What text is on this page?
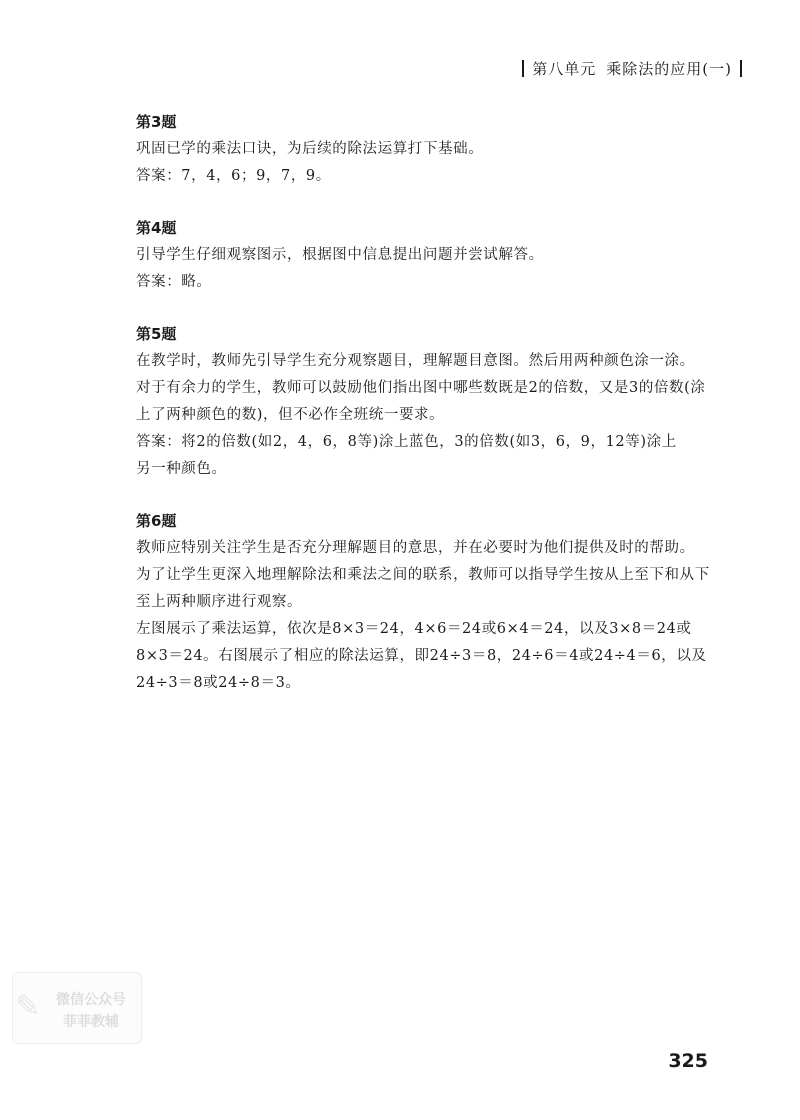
第八单元 乘除法的应用(一)
第3题
巩固已学的乘法口诀，为后续的除法运算打下基础。
答案：7，4，6；9，7，9。
第4题
引导学生仔细观察图示，根据图中信息提出问题并尝试解答。
答案：略。
第5题
在教学时，教师先引导学生充分观察题目，理解题目意图。然后用两种颜色涂一涂。
对于有余力的学生，教师可以鼓励他们指出图中哪些数既是2的倍数，又是3的倍数(涂
上了两种颜色的数)，但不必作全班统一要求。
答案：将2的倍数(如2，4，6，8等)涂上蓝色，3的倍数(如3，6，9，12等)涂上
另一种颜色。
第6题
教师应特别关注学生是否充分理解题目的意思，并在必要时为他们提供及时的帮助。
为了让学生更深入地理解除法和乘法之间的联系，教师可以指导学生按从上至下和从下
至上两种顺序进行观察。
左图展示了乘法运算，依次是8×3＝24，4×6＝24或6×4＝24，以及3×8＝24或
8×3＝24。右图展示了相应的除法运算，即24÷3＝8，24÷6＝4或24÷4＝6，以及
24÷3＝8或24÷8＝3。
✎	微信公众号
菲菲教辅
325
